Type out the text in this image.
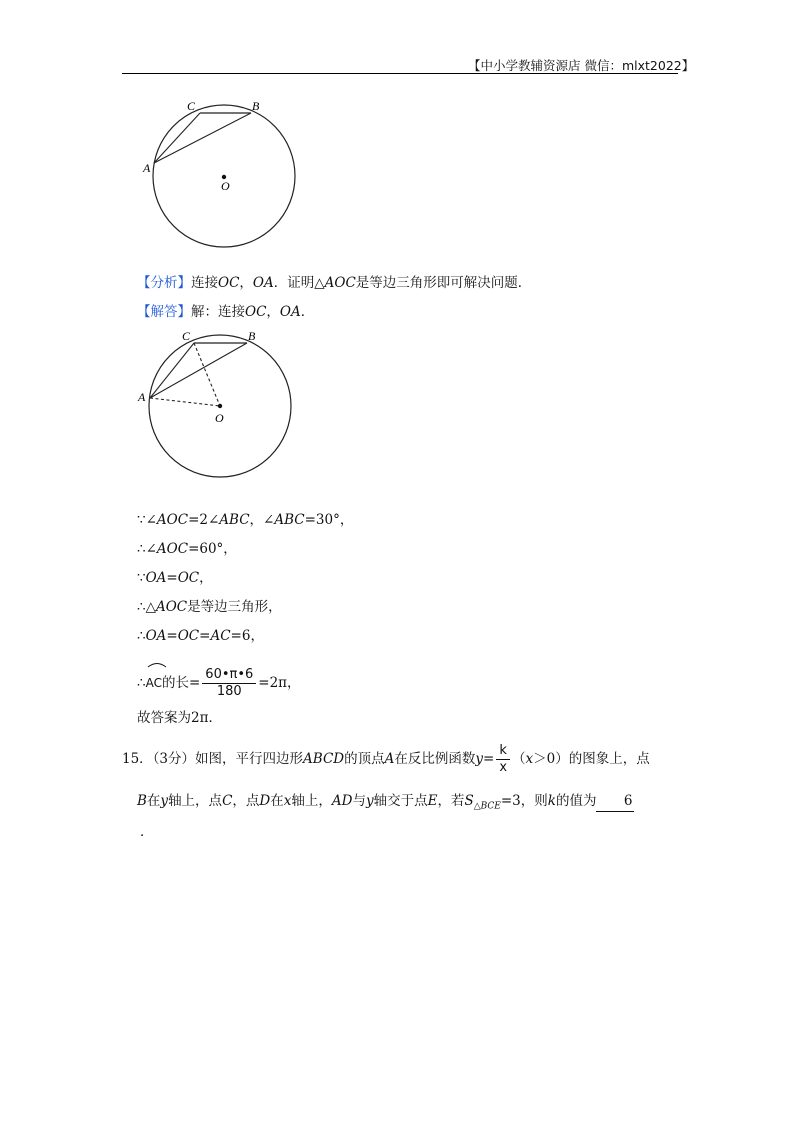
【中小学教辅资源店 微信：mlxt2022】
C	B
A
O
【分析】连接OC，OA．证明△AOC是等边三角形即可解决问题．
【解答】解：连接OC，OA．
C	B
A
O
∵∠AOC=2∠ABC，∠ABC=30°，
∴∠AOC=60°，
∵OA=OC，
∴△AOC是等边三角形，
∴OA=OC=AC=6，
∴
AC的长= $\frac{60•\pi•6}{180} =2\pi$，
故答案为2π．
15．（3分）如图，平行四边形ABCD的顶点A在反比例函数$y= \frac{k}{x} (x>0)$的图象上，点
B在y轴上，点C，点D在x轴上，AD与y轴交于点E，若$S_{\triangle BCE}=3$，则k的值为 6
．
